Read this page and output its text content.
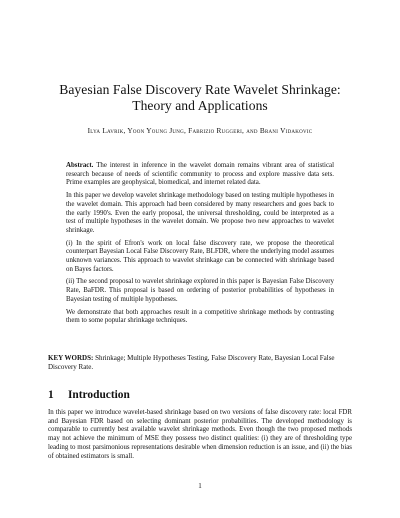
Bayesian False Discovery Rate Wavelet Shrinkage:
Theory and Applications
Ilya Lavrik, Yoon Young Jung, Fabrizio Ruggeri, and Brani Vidakovic

Abstract. The interest in inference in the wavelet domain remains vibrant area of statistical research because of needs of scientific community to process and explore massive data sets. Prime examples are geophysical, biomedical, and internet related data.

In this paper we develop wavelet shrinkage methodology based on testing multiple hypotheses in the wavelet domain. This approach had been considered by many researchers and goes back to the early 1990's. Even the early proposal, the universal thresholding, could be interpreted as a test of multiple hypotheses in the wavelet domain. We propose two new approaches to wavelet shrinkage.

(i) In the spirit of Efron's work on local false discovery rate, we propose the theoretical counterpart Bayesian Local False Discovery Rate, BLFDR, where the underlying model assumes unknown variances. This approach to wavelet shrinkage can be connected with shrinkage based on Bayes factors.

(ii) The second proposal to wavelet shrinkage explored in this paper is Bayesian False Discovery Rate, BaFDR. This proposal is based on ordering of posterior probabilities of hypotheses in Bayesian testing of multiple hypotheses.

We demonstrate that both approaches result in a competitive shrinkage methods by contrasting them to some popular shrinkage techniques.

KEY WORDS: Shrinkage; Multiple Hypotheses Testing, False Discovery Rate, Bayesian Local False Discovery Rate.
1 Introduction
In this paper we introduce wavelet-based shrinkage based on two versions of false discovery rate: local FDR and Bayesian FDR based on selecting dominant posterior probabilities. The developed methodology is comparable to currently best available wavelet shrinkage methods. Even though the two proposed methods may not achieve the minimum of MSE they possess two distinct qualities: (i) they are of thresholding type leading to most parsimonious representations desirable when dimension reduction is an issue, and (ii) the bias of obtained estimators is small.
1
